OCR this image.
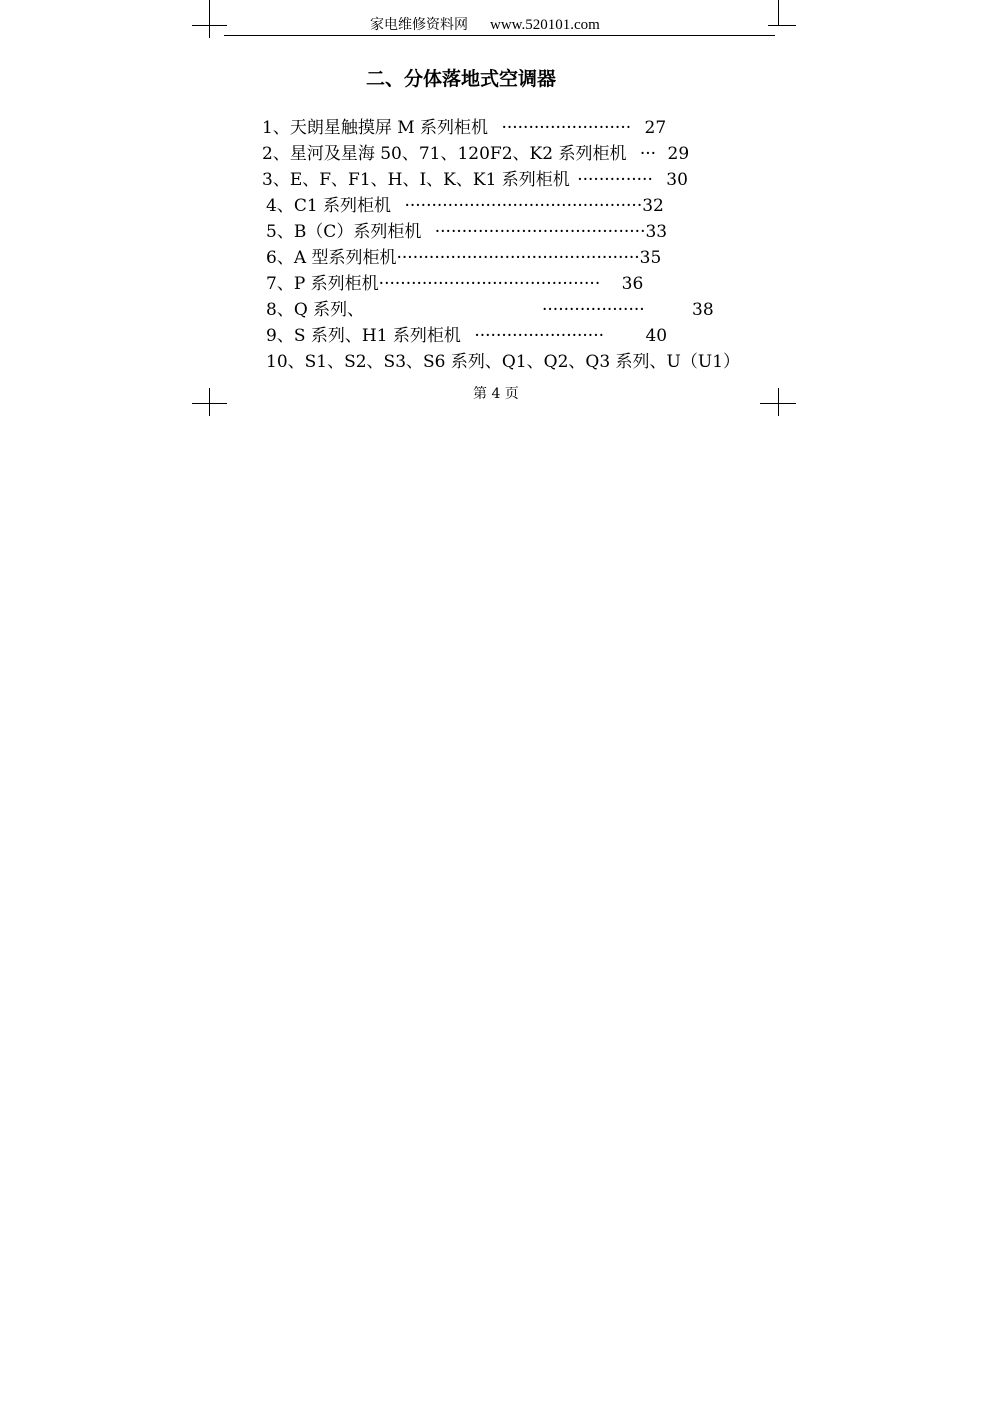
家电维修资料网 www.520101.com
二、分体落地式空调器
1、天朗星触摸屏 M 系列柜机 ························ 27
2、星河及星海 50、71、120F2、K2 系列柜机 ··· 29
3、E、F、F1、H、I、K、K1 系列柜机 ·············· 30
4、C1 系列柜机 ············································32
5、B（C）系列柜机 ·······································33
6、A 型系列柜机·············································35
7、P 系列柜机········································· 36
8、Q 系列、	···················	38
9、S 系列、H1 系列柜机 ························ 40
10、S1、S2、S3、S6 系列、Q1、Q2、Q3 系列、U（U1）
第 4 页
